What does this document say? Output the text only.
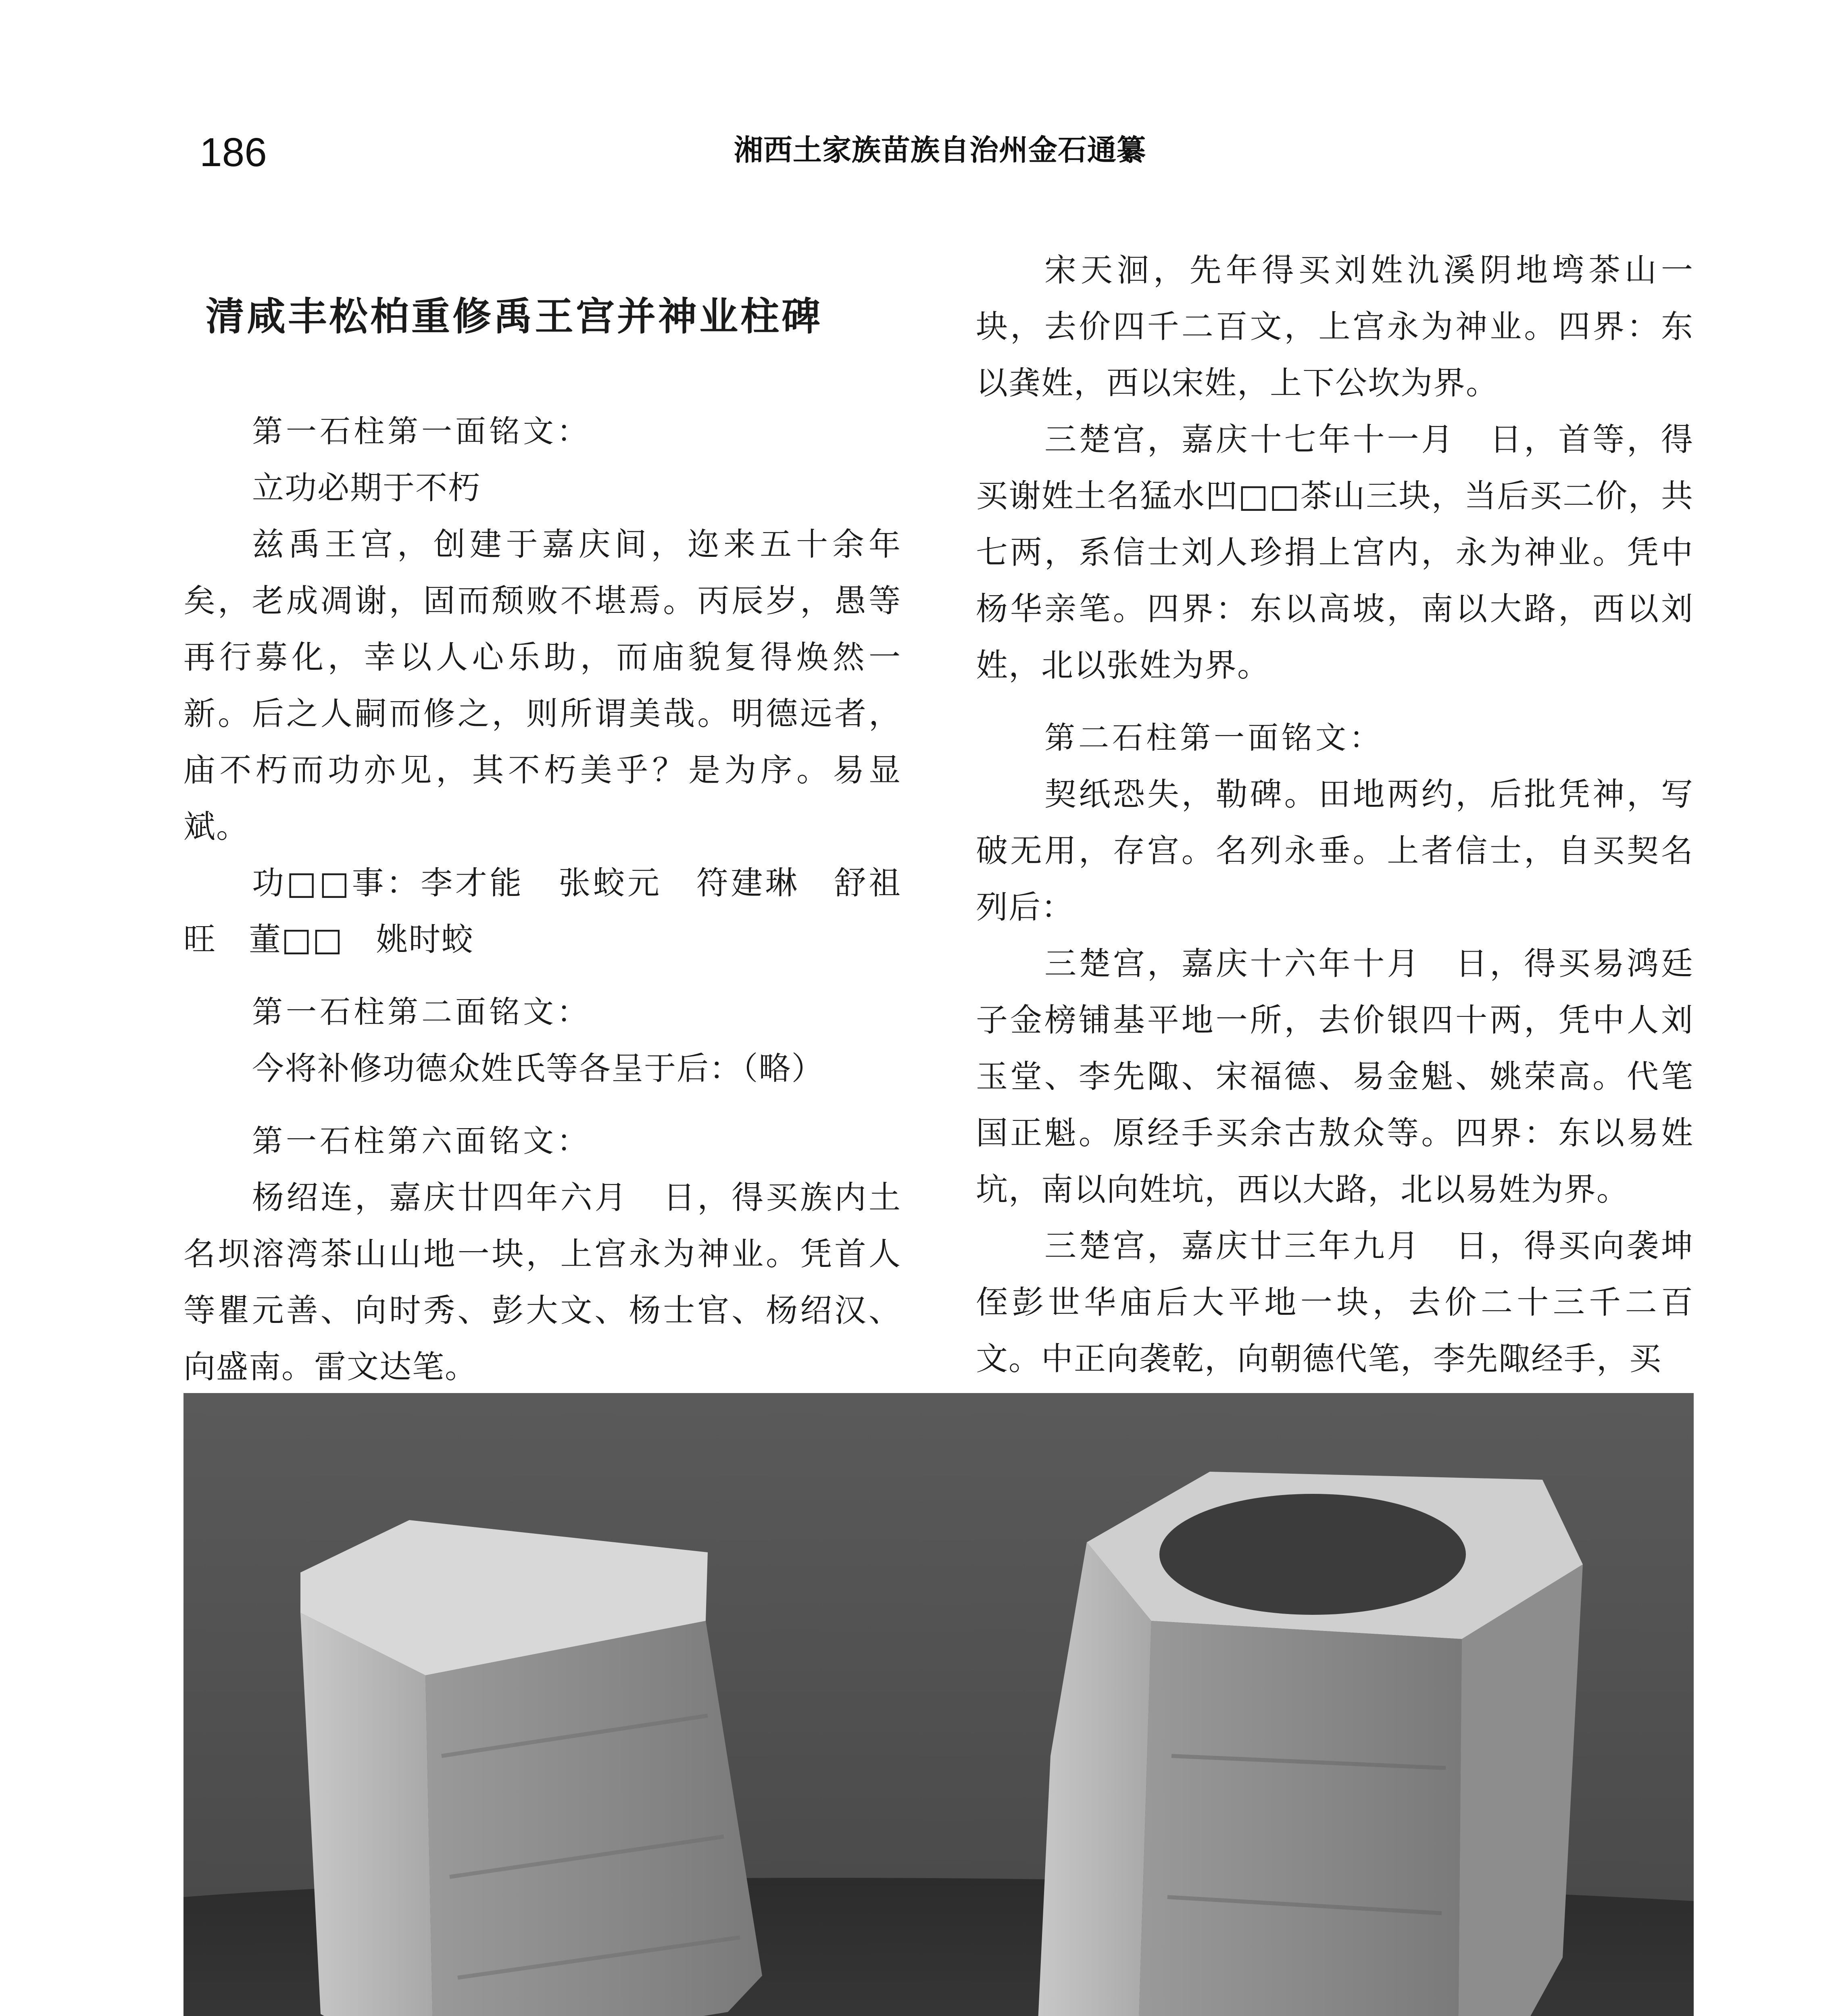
186	湘西土家族苗族自治州金石通纂
清咸丰松柏重修禹王宫并神业柱碑
第一石柱第一面铭文：
立功必期于不朽
兹禹王宫，创建于嘉庆间，迩来五十余年矣，老成凋谢，固而颓败不堪焉。丙辰岁，愚等再行募化，幸以人心乐助，而庙貌复得焕然一新。后之人嗣而修之，则所谓美哉。明德远者，庙不朽而功亦见，其不朽美乎？是为序。易显斌。
功□□事：李才能　张蛟元　符建琳　舒祖旺　董□□　姚时蛟
第一石柱第二面铭文：
今将补修功德众姓氏等各呈于后：（略）
第一石柱第六面铭文：
杨绍连，嘉庆廿四年六月　日，得买族内土名坝溶湾茶山山地一块，上宫永为神业。凭首人等瞿元善、向时秀、彭大文、杨士官、杨绍汉、向盛南。雷文达笔。
宋天洄，先年得买刘姓氿溪阴地塆茶山一块，去价四千二百文，上宫永为神业。四界：东以龚姓，西以宋姓，上下公坎为界。
三楚宫，嘉庆十七年十一月　日，首等，得买谢姓土名猛水凹□□茶山三块，当后买二价，共七两，系信士刘人珍捐上宫内，永为神业。凭中杨华亲笔。四界：东以高坡，南以大路，西以刘姓，北以张姓为界。
第二石柱第一面铭文：
契纸恐失，勒碑。田地两约，后批凭神，写破无用，存宫。名列永垂。上者信士，自买契名列后：
三楚宫，嘉庆十六年十月　日，得买易鸿廷子金榜铺基平地一所，去价银四十两，凭中人刘玉堂、李先陬、宋福德、易金魁、姚荣高。代笔国正魁。原经手买余古敖众等。四界：东以易姓坑，南以向姓坑，西以大路，北以易姓为界。
三楚宫，嘉庆廿三年九月　日，得买向袭坤侄彭世华庙后大平地一块，去价二十三千二百文。中正向袭乾，向朝德代笔，李先陬经手，买
